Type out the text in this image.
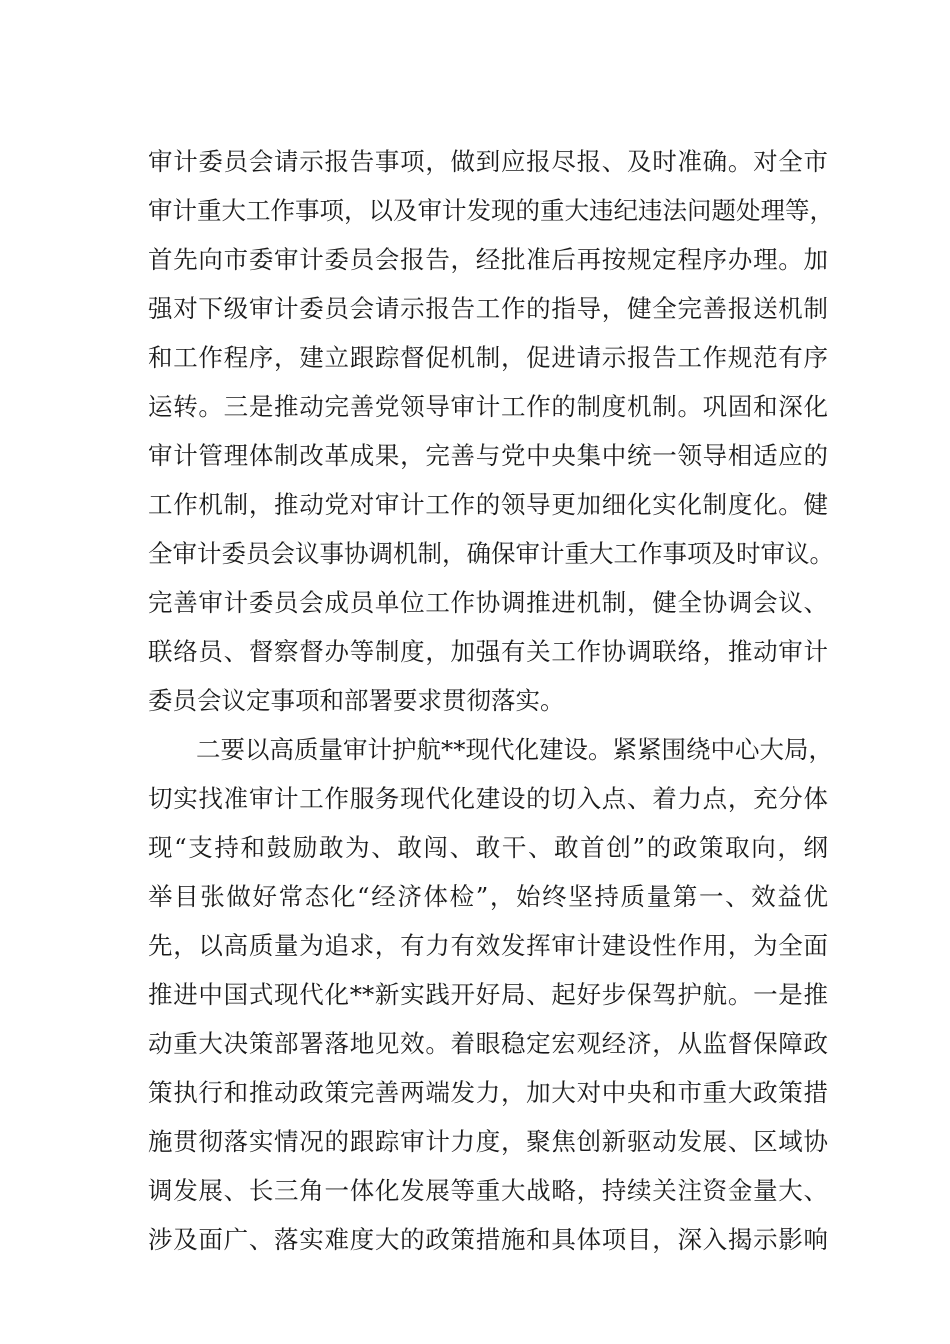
审计委员会请示报告事项，做到应报尽报、及时准确。对全市
审计重大工作事项，以及审计发现的重大违纪违法问题处理等，
首先向市委审计委员会报告，经批准后再按规定程序办理。加
强对下级审计委员会请示报告工作的指导，健全完善报送机制
和工作程序，建立跟踪督促机制，促进请示报告工作规范有序
运转。三是推动完善党领导审计工作的制度机制。巩固和深化
审计管理体制改革成果，完善与党中央集中统一领导相适应的
工作机制，推动党对审计工作的领导更加细化实化制度化。健
全审计委员会议事协调机制，确保审计重大工作事项及时审议。
完善审计委员会成员单位工作协调推进机制，健全协调会议、
联络员、督察督办等制度，加强有关工作协调联络，推动审计
委员会议定事项和部署要求贯彻落实。
二要以高质量审计护航**现代化建设。紧紧围绕中心大局，
切实找准审计工作服务现代化建设的切入点、着力点，充分体
现“支持和鼓励敢为、敢闯、敢干、敢首创”的政策取向，纲
举目张做好常态化“经济体检”，始终坚持质量第一、效益优
先，以高质量为追求，有力有效发挥审计建设性作用，为全面
推进中国式现代化**新实践开好局、起好步保驾护航。一是推
动重大决策部署落地见效。着眼稳定宏观经济，从监督保障政
策执行和推动政策完善两端发力，加大对中央和市重大政策措
施贯彻落实情况的跟踪审计力度，聚焦创新驱动发展、区域协
调发展、长三角一体化发展等重大战略，持续关注资金量大、
涉及面广、落实难度大的政策措施和具体项目，深入揭示影响
